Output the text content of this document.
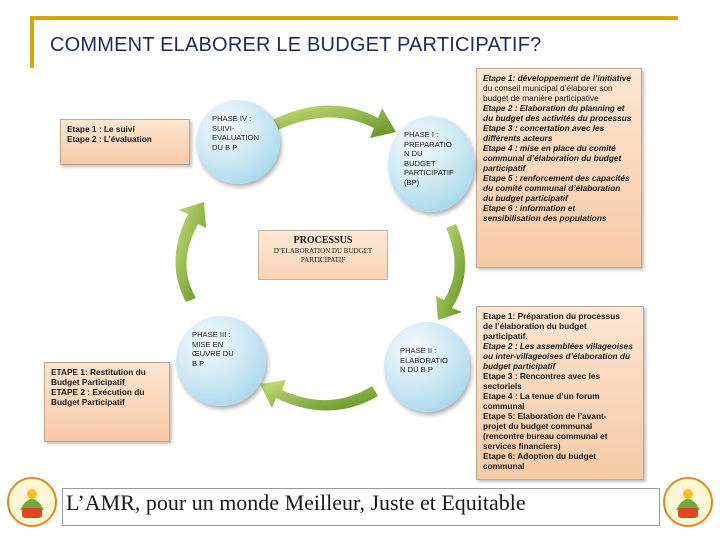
COMMENT ELABORER LE BUDGET PARTICIPATIF?
Etape 1 : Le suivi
Etape 2 : L’évaluation
ETAPE 1: Restitution du
Budget Participatif
ETAPE 2 : Exécution du
Budget Participatif
Etape 1: développement de l’initiative
du conseil municipal d’élaborer son
budget de manière participative
Etape 2 : Elaboration du planning et
du budget des activités du processus
Etape 3 : concertation avec les
différents acteurs
Etape 4 : mise en place du comité
communal d’élaboration du budget
participatif
Etape 5 : renforcement des capacités
du comité communal d’élaboration
du budget participatif
Etape 6 : information et
sensibilisation des populations
Etape 1: Préparation du processus
de l’élaboration du budget
participatif.
Etape 2 : Les assemblées villageoises
ou inter-villageoises d’élaboration du
budget participatif
Etape 3 : Rencontres avec les
sectoriels
Etape 4 : La tenue d’un forum
communal
Etape 5: Elaboration de l’avant-
projet du budget communal
(rencontre bureau communal et
services financiers)
Etape 6: Adoption du budget
communal
PHASE IV :
SUIVI-
EVALUATION
DU B P
PHASE I :
PREPARATIO
N DU
BUDGET
PARTICIPATIF
(BP)
PHASE II :
ELABORATIO
N DU B P
PHASE III :
MISE EN
ŒUVRE DU
B P
PROCESSUS
D’ELABORATION DU BUDGET
PARTICIPATIF
L’AMR, pour un monde Meilleur, Juste et Equitable
